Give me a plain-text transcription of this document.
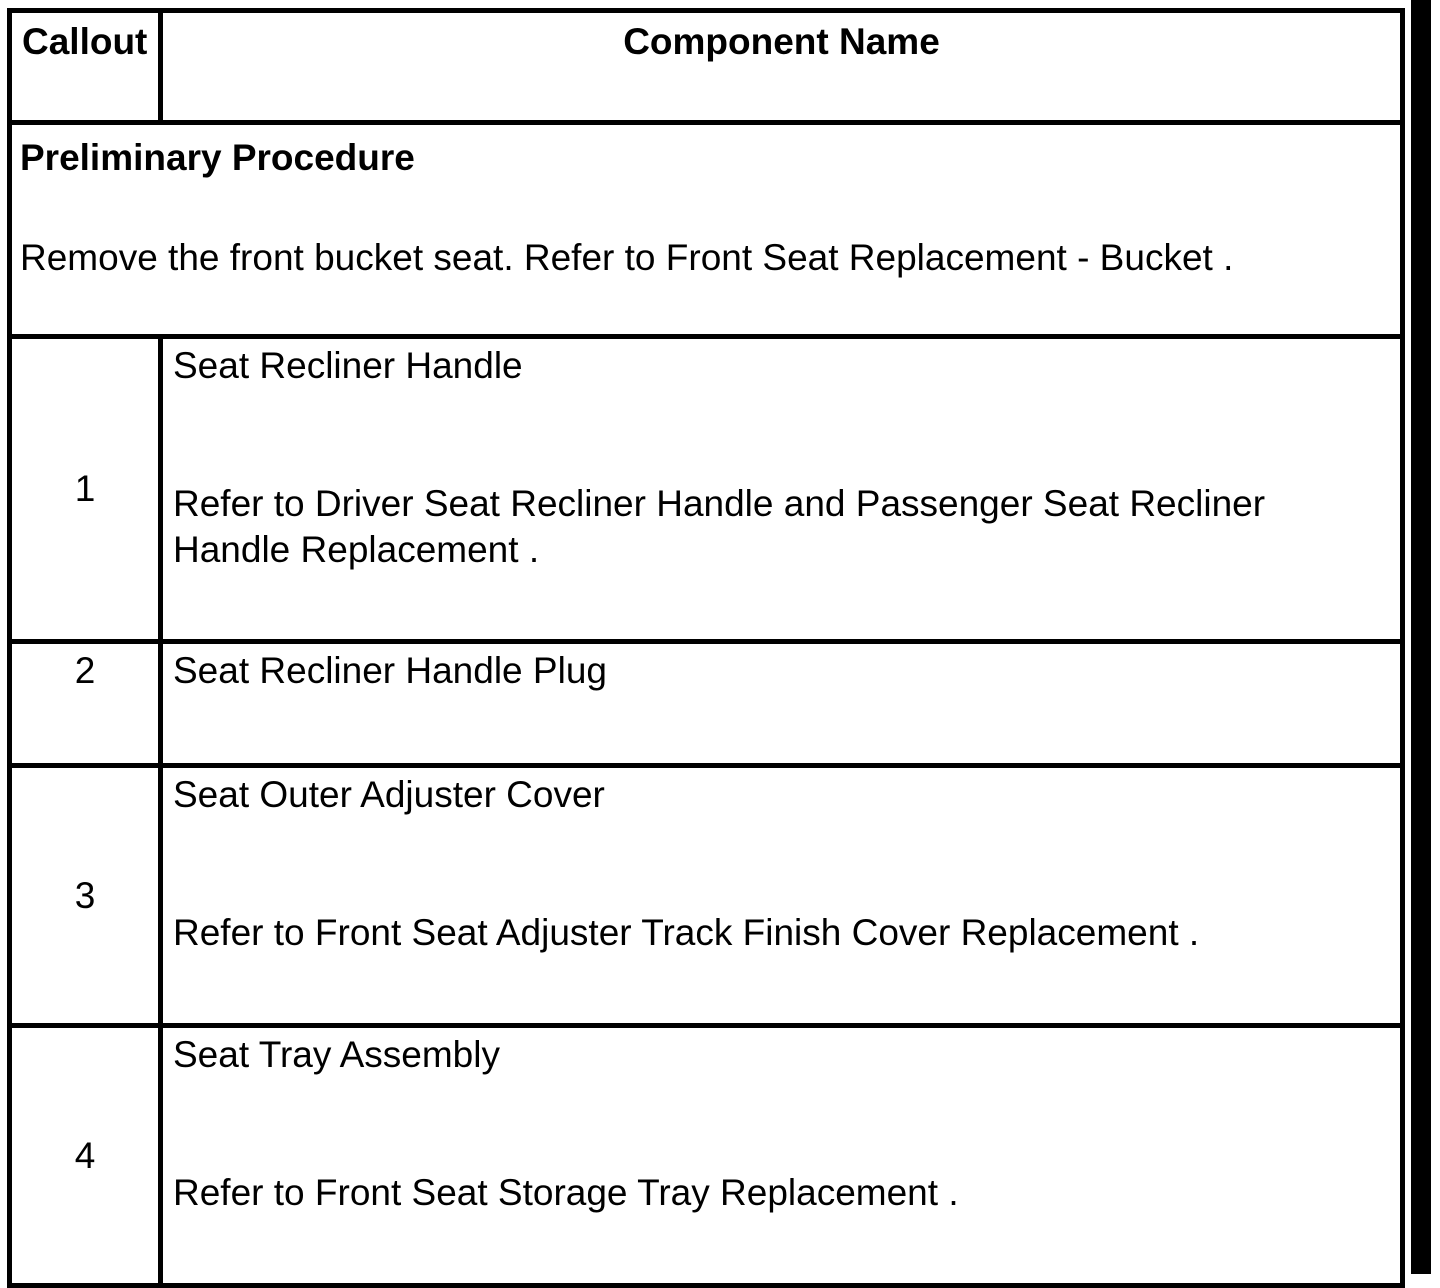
Callout	Component Name

Preliminary Procedure
Remove the front bucket seat. Refer to Front Seat Replacement - Bucket .	

1	Seat Recliner Handle
Refer to Driver Seat Recliner Handle and Passenger Seat Recliner Handle Replacement .

2	Seat Recliner Handle Plug

3	Seat Outer Adjuster Cover
Refer to Front Seat Adjuster Track Finish Cover Replacement .

4	Seat Tray Assembly
Refer to Front Seat Storage Tray Replacement .
